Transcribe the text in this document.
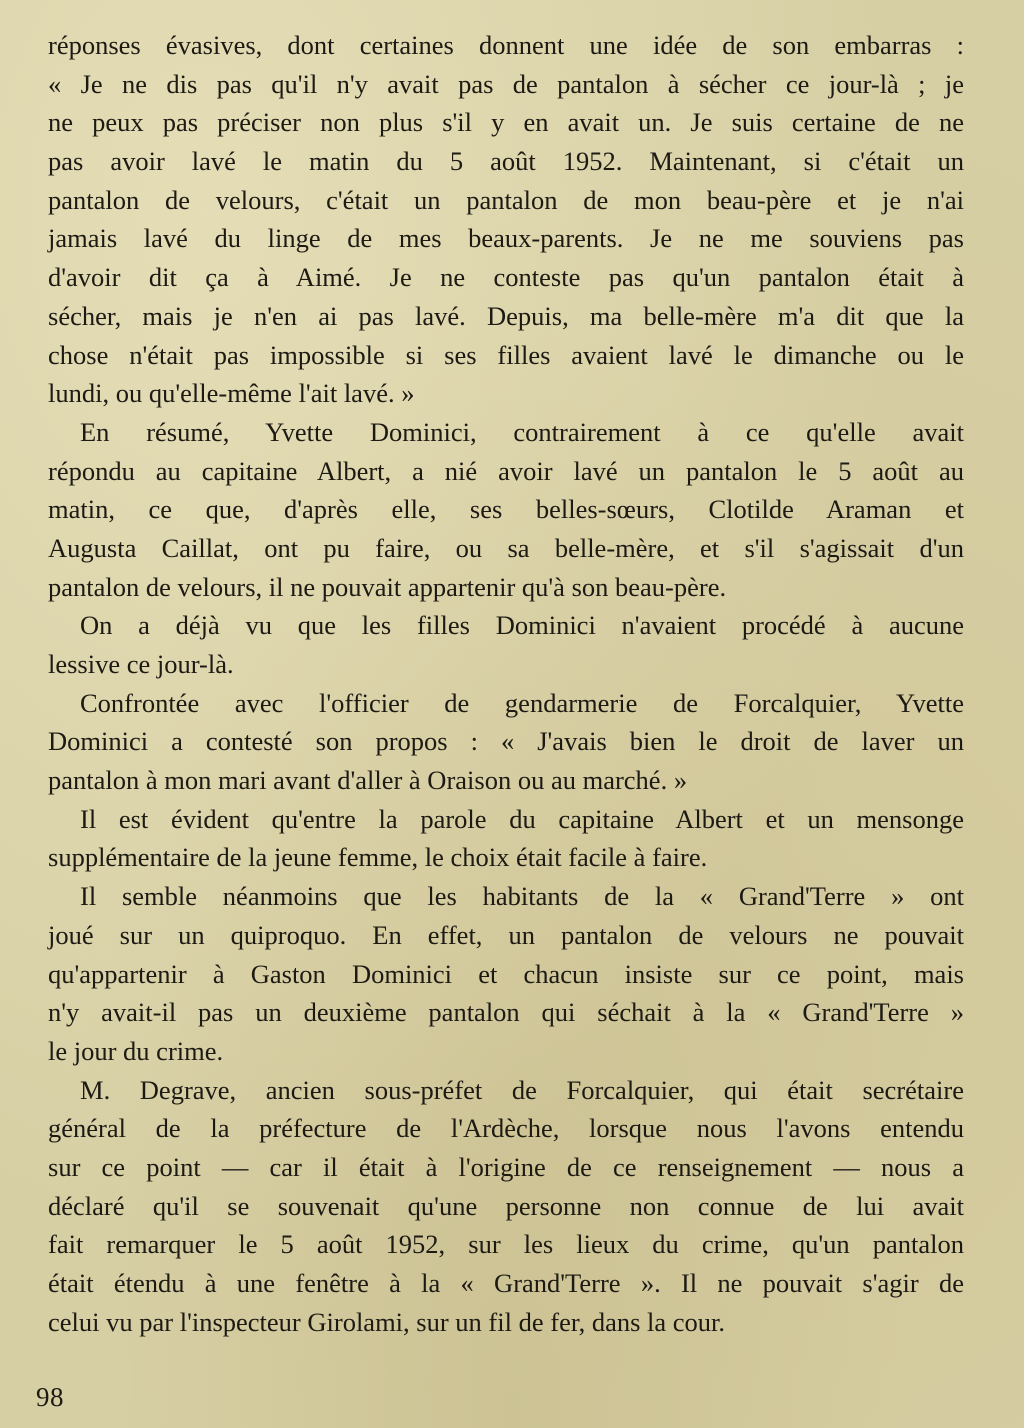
réponses évasives, dont certaines donnent une idée de son embarras :
« Je ne dis pas qu'il n'y avait pas de pantalon à sécher ce jour-là ; je
ne peux pas préciser non plus s'il y en avait un. Je suis certaine de ne
pas avoir lavé le matin du 5 août 1952. Maintenant, si c'était un
pantalon de velours, c'était un pantalon de mon beau-père et je n'ai
jamais lavé du linge de mes beaux-parents. Je ne me souviens pas
d'avoir dit ça à Aimé. Je ne conteste pas qu'un pantalon était à
sécher, mais je n'en ai pas lavé. Depuis, ma belle-mère m'a dit que la
chose n'était pas impossible si ses filles avaient lavé le dimanche ou le
lundi, ou qu'elle-même l'ait lavé. »
En résumé, Yvette Dominici, contrairement à ce qu'elle avait
répondu au capitaine Albert, a nié avoir lavé un pantalon le 5 août au
matin, ce que, d'après elle, ses belles-sœurs, Clotilde Araman et
Augusta Caillat, ont pu faire, ou sa belle-mère, et s'il s'agissait d'un
pantalon de velours, il ne pouvait appartenir qu'à son beau-père.
On a déjà vu que les filles Dominici n'avaient procédé à aucune
lessive ce jour-là.
Confrontée avec l'officier de gendarmerie de Forcalquier, Yvette
Dominici a contesté son propos : « J'avais bien le droit de laver un
pantalon à mon mari avant d'aller à Oraison ou au marché. »
Il est évident qu'entre la parole du capitaine Albert et un mensonge
supplémentaire de la jeune femme, le choix était facile à faire.
Il semble néanmoins que les habitants de la « Grand'Terre » ont
joué sur un quiproquo. En effet, un pantalon de velours ne pouvait
qu'appartenir à Gaston Dominici et chacun insiste sur ce point, mais
n'y avait-il pas un deuxième pantalon qui séchait à la « Grand'Terre »
le jour du crime.
M. Degrave, ancien sous-préfet de Forcalquier, qui était secrétaire
général de la préfecture de l'Ardèche, lorsque nous l'avons entendu
sur ce point — car il était à l'origine de ce renseignement — nous a
déclaré qu'il se souvenait qu'une personne non connue de lui avait
fait remarquer le 5 août 1952, sur les lieux du crime, qu'un pantalon
était étendu à une fenêtre à la « Grand'Terre ». Il ne pouvait s'agir de
celui vu par l'inspecteur Girolami, sur un fil de fer, dans la cour.
98
